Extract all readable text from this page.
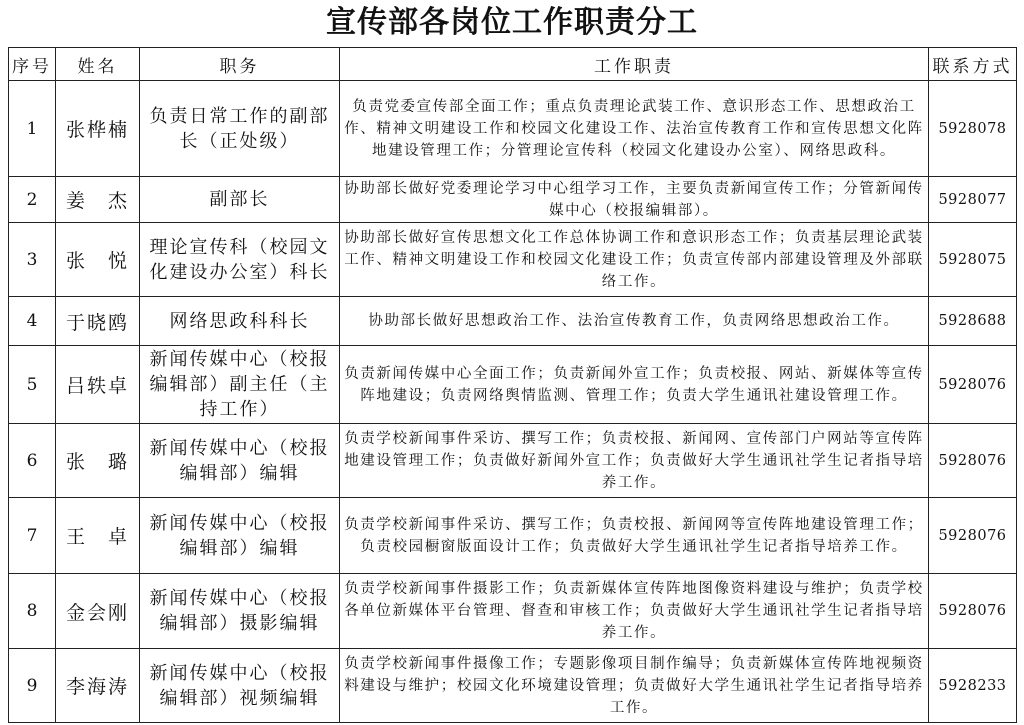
宣传部各岗位工作职责分工
序号	姓名	职务	工作职责	联系方式
1	张桦楠	负责日常工作的副部长（正处级）	负责党委宣传部全面工作；重点负责理论武装工作、意识形态工作、思想政治工作、精神文明建设工作和校园文化建设工作、法治宣传教育工作和宣传思想文化阵地建设管理工作；分管理论宣传科（校园文化建设办公室）、网络思政科。	5928078
2	姜　杰	副部长	协助部长做好党委理论学习中心组学习工作，主要负责新闻宣传工作；分管新闻传媒中心（校报编辑部）。	5928077
3	张　悦	理论宣传科（校园文化建设办公室）科长	协助部长做好宣传思想文化工作总体协调工作和意识形态工作；负责基层理论武装工作、精神文明建设工作和校园文化建设工作；负责宣传部内部建设管理及外部联络工作。	5928075
4	于晓鸥	网络思政科科长	协助部长做好思想政治工作、法治宣传教育工作，负责网络思想政治工作。	5928688
5	吕轶卓	新闻传媒中心（校报编辑部）副主任（主持工作）	负责新闻传媒中心全面工作；负责新闻外宣工作；负责校报、网站、新媒体等宣传阵地建设；负责网络舆情监测、管理工作；负责大学生通讯社建设管理工作。	5928076
6	张　璐	新闻传媒中心（校报编辑部）编辑	负责学校新闻事件采访、撰写工作；负责校报、新闻网、宣传部门户网站等宣传阵地建设管理工作；负责做好新闻外宣工作；负责做好大学生通讯社学生记者指导培养工作。	5928076
7	王　卓	新闻传媒中心（校报编辑部）编辑	负责学校新闻事件采访、撰写工作；负责校报、新闻网等宣传阵地建设管理工作；负责校园橱窗版面设计工作；负责做好大学生通讯社学生记者指导培养工作。	5928076
8	金会刚	新闻传媒中心（校报编辑部）摄影编辑	负责学校新闻事件摄影工作；负责新媒体宣传阵地图像资料建设与维护；负责学校各单位新媒体平台管理、督查和审核工作；负责做好大学生通讯社学生记者指导培养工作。	5928076
9	李海涛	新闻传媒中心（校报编辑部）视频编辑	负责学校新闻事件摄像工作；专题影像项目制作编导；负责新媒体宣传阵地视频资料建设与维护；校园文化环境建设管理；负责做好大学生通讯社学生记者指导培养工作。	5928233
